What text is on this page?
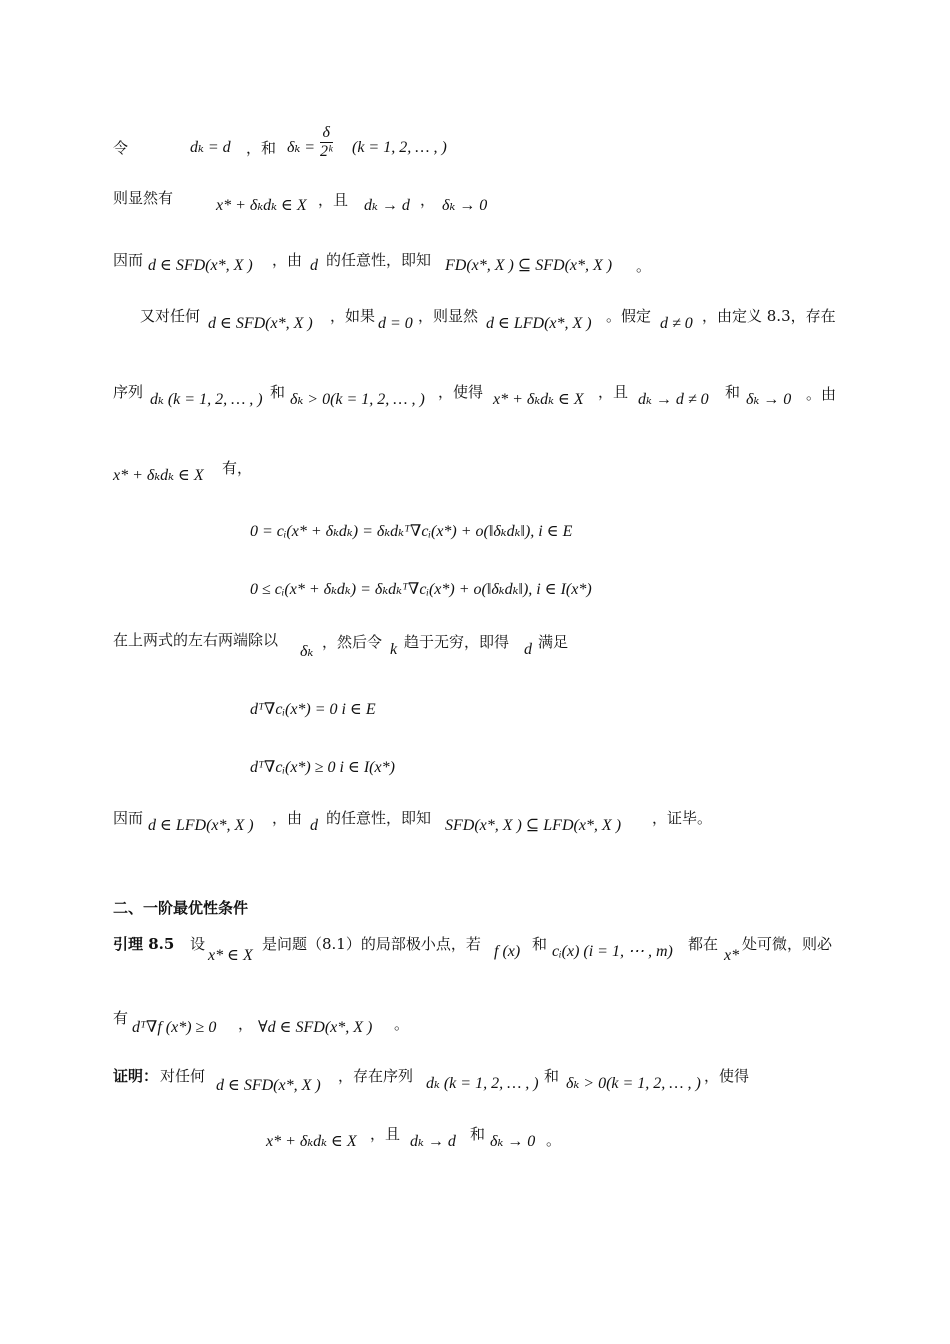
令	dₖ = d ，和 $\delta_k = \frac{\delta}{\text{2ᵏ}} (k = 1$, 2, … , )
则显然有	x* + δₖdₖ ∈ X ，且 dₖ → d ， δₖ → 0
因而 d ∈ SFD(x*, X ) ，由 d 的任意性，即知 FD(x*, X ) ⊆ SFD(x*, X ) 。
又对任何 d ∈ SFD(x*, X ) ，如果 d = 0 ，则显然 d ∈ LFD(x*, X ) 。假定 d ≠ 0 ，由定义 8.3，存在
序列 dₖ (k = 1, 2, … , ) 和 δₖ > 0(k = 1, 2, … , ) ，使得 x* + δₖdₖ ∈ X ，且 dₖ → d ≠ 0 和 δₖ → 0 。由
x* + δₖdₖ ∈ X 有，
0 = cᵢ(x* + δₖdₖ) = δₖdₖᵀ∇cᵢ(x*) + o(‖δₖdₖ‖), i ∈ E
0 ≤ cᵢ(x* + δₖdₖ) = δₖdₖᵀ∇cᵢ(x*) + o(‖δₖdₖ‖), i ∈ I(x*)
在上两式的左右两端除以
δₖ
，然后令 k 趋于无穷，即得 d 满足
dᵀ∇cᵢ(x*) = 0 i ∈ E
dᵀ∇cᵢ(x*) ≥ 0 i ∈ I(x*)
因而 d ∈ LFD(x*, X ) ，由 d 的任意性，即知 SFD(x*, X ) ⊆ LFD(x*, X ) ，证毕。
二、一阶最优性条件
引理 8.5 设
x* ∈ X
是问题（8.1）的局部极小点，若 f (x) 和 cᵢ(x) (i = 1, ⋯ , m) 都在
x*
处可微，则必
有
dᵀ∇f (x*) ≥ 0 ， ∀d ∈ SFD(x*, X ) 。
证明： 对任何
d ∈ SFD(x*, X )
，存在序列 dₖ (k = 1, 2, … , ) 和 δₖ > 0(k = 1, 2, … , ) ，使得
x* + δₖdₖ ∈ X ，且 dₖ → d 和 δₖ → 0 。
